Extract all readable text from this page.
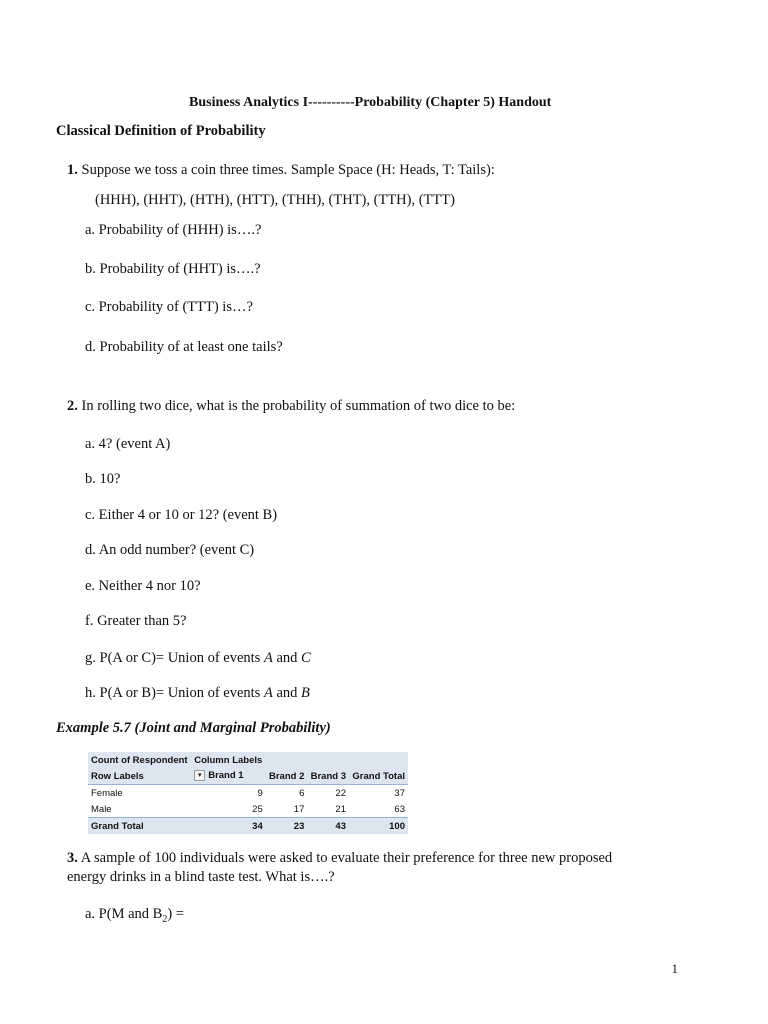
Business Analytics I----------Probability (Chapter 5) Handout
Classical Definition of Probability
1. Suppose we toss a coin three times. Sample Space (H: Heads, T: Tails):
(HHH), (HHT), (HTH), (HTT), (THH), (THT), (TTH), (TTT)
a. Probability of (HHH) is….?
b. Probability of (HHT) is….?
c. Probability of (TTT) is…?
d. Probability of at least one tails?
2. In rolling two dice, what is the probability of summation of two dice to be:
a. 4? (event A)
b. 10?
c. Either 4 or 10 or 12? (event B)
d. An odd number? (event C)
e. Neither 4 nor 10?
f. Greater than 5?
g. P(A or C)= Union of events A and C
h. P(A or B)= Union of events A and B
Example 5.7 (Joint and Marginal Probability)
Count of Respondent	Column Labels			
Row Labels	▾ Brand 1	Brand 2	Brand 3	Grand Total
Female	9	6	22	37
Male	25	17	21	63
Grand Total	34	23	43	100
3. A sample of 100 individuals were asked to evaluate their preference for three new proposed
energy drinks in a blind taste test. What is….?
a. P(M and $B_2$) =
1
